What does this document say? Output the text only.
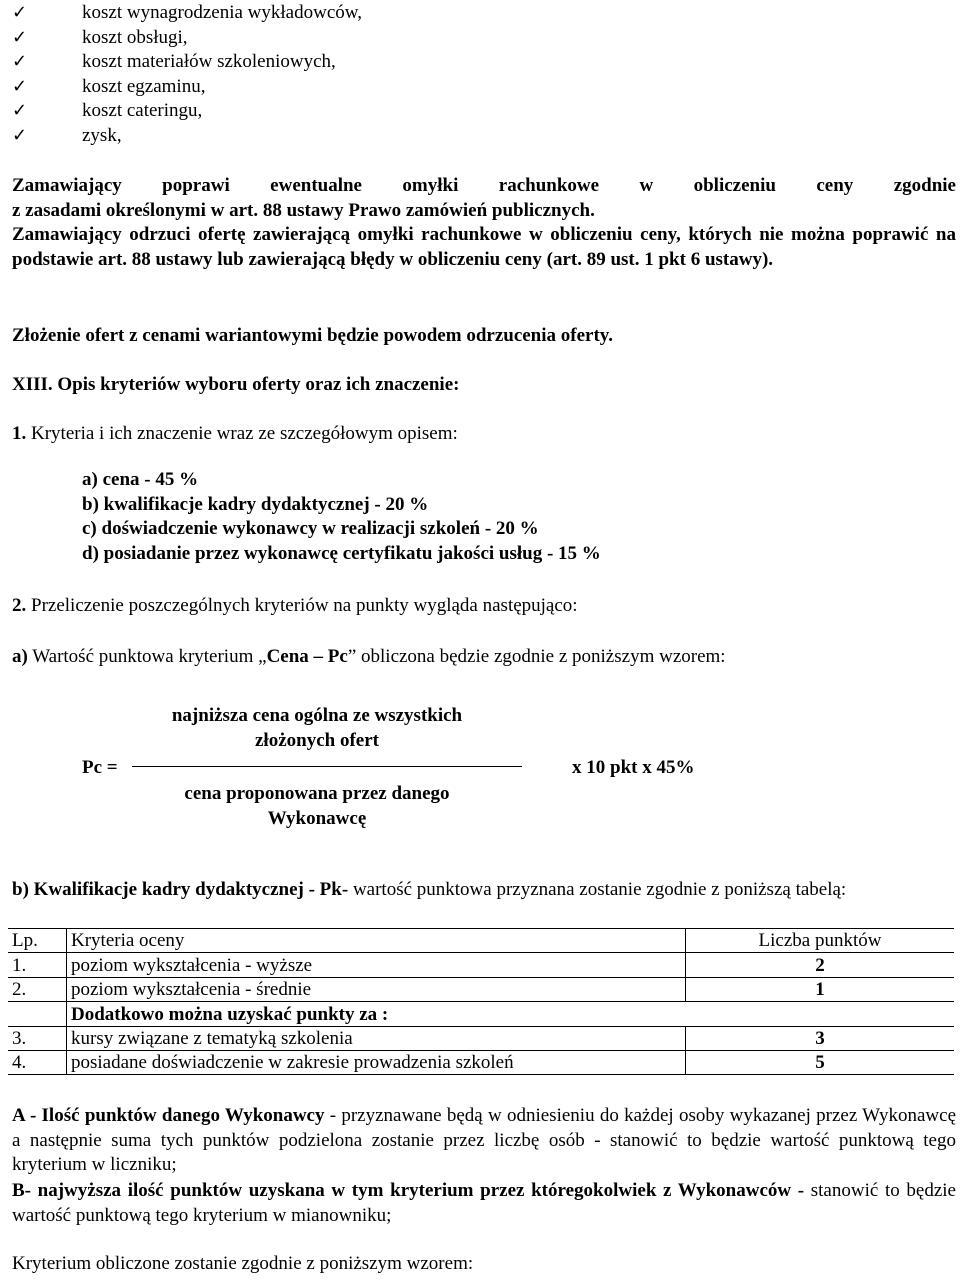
✓	koszt wynagrodzenia wykładowców,
✓	koszt obsługi,
✓	koszt materiałów szkoleniowych,
✓	koszt egzaminu,
✓	koszt cateringu,
✓	zysk,
Zamawiający poprawi ewentualne omyłki rachunkowe w obliczeniu ceny zgodnie
z zasadami określonymi w art. 88 ustawy Prawo zamówień publicznych.
Zamawiający odrzuci ofertę zawierającą omyłki rachunkowe w obliczeniu ceny, których nie można poprawić na podstawie art. 88 ustawy lub zawierającą błędy w obliczeniu ceny (art. 89 ust. 1 pkt 6 ustawy).
Złożenie ofert z cenami wariantowymi będzie powodem odrzucenia oferty.
XIII. Opis kryteriów wyboru oferty oraz ich znaczenie:
1. Kryteria i ich znaczenie wraz ze szczegółowym opisem:
a) cena - 45 %
b) kwalifikacje kadry dydaktycznej - 20 %
c) doświadczenie wykonawcy w realizacji szkoleń - 20 %
d) posiadanie przez wykonawcę certyfikatu jakości usług - 15 %
2. Przeliczenie poszczególnych kryteriów na punkty wygląda następująco:
a) Wartość punktowa kryterium „Cena – Pc” obliczona będzie zgodnie z poniższym wzorem:
najniższa cena ogólna ze wszystkich
złożonych ofert
Pc =	x 10 pkt x 45%
cena proponowana przez danego
Wykonawcę
b) Kwalifikacje kadry dydaktycznej - Pk- wartość punktowa przyznana zostanie zgodnie z poniższą tabelą:
Lp.	Kryteria oceny	Liczba punktów
1.	poziom wykształcenia - wyższe	2
2.	poziom wykształcenia - średnie	1
	Dodatkowo można uzyskać punkty za :	
3.	kursy związane z tematyką szkolenia	3
4.	posiadane doświadczenie w zakresie prowadzenia szkoleń	5
A - Ilość punktów danego Wykonawcy - przyznawane będą w odniesieniu do każdej osoby wykazanej przez Wykonawcę a następnie suma tych punktów podzielona zostanie przez liczbę osób - stanowić to będzie wartość punktową tego kryterium w liczniku;
B- najwyższa ilość punktów uzyskana w tym kryterium przez któregokolwiek z Wykonawców - stanowić to będzie wartość punktową tego kryterium w mianowniku;
Kryterium obliczone zostanie zgodnie z poniższym wzorem:
